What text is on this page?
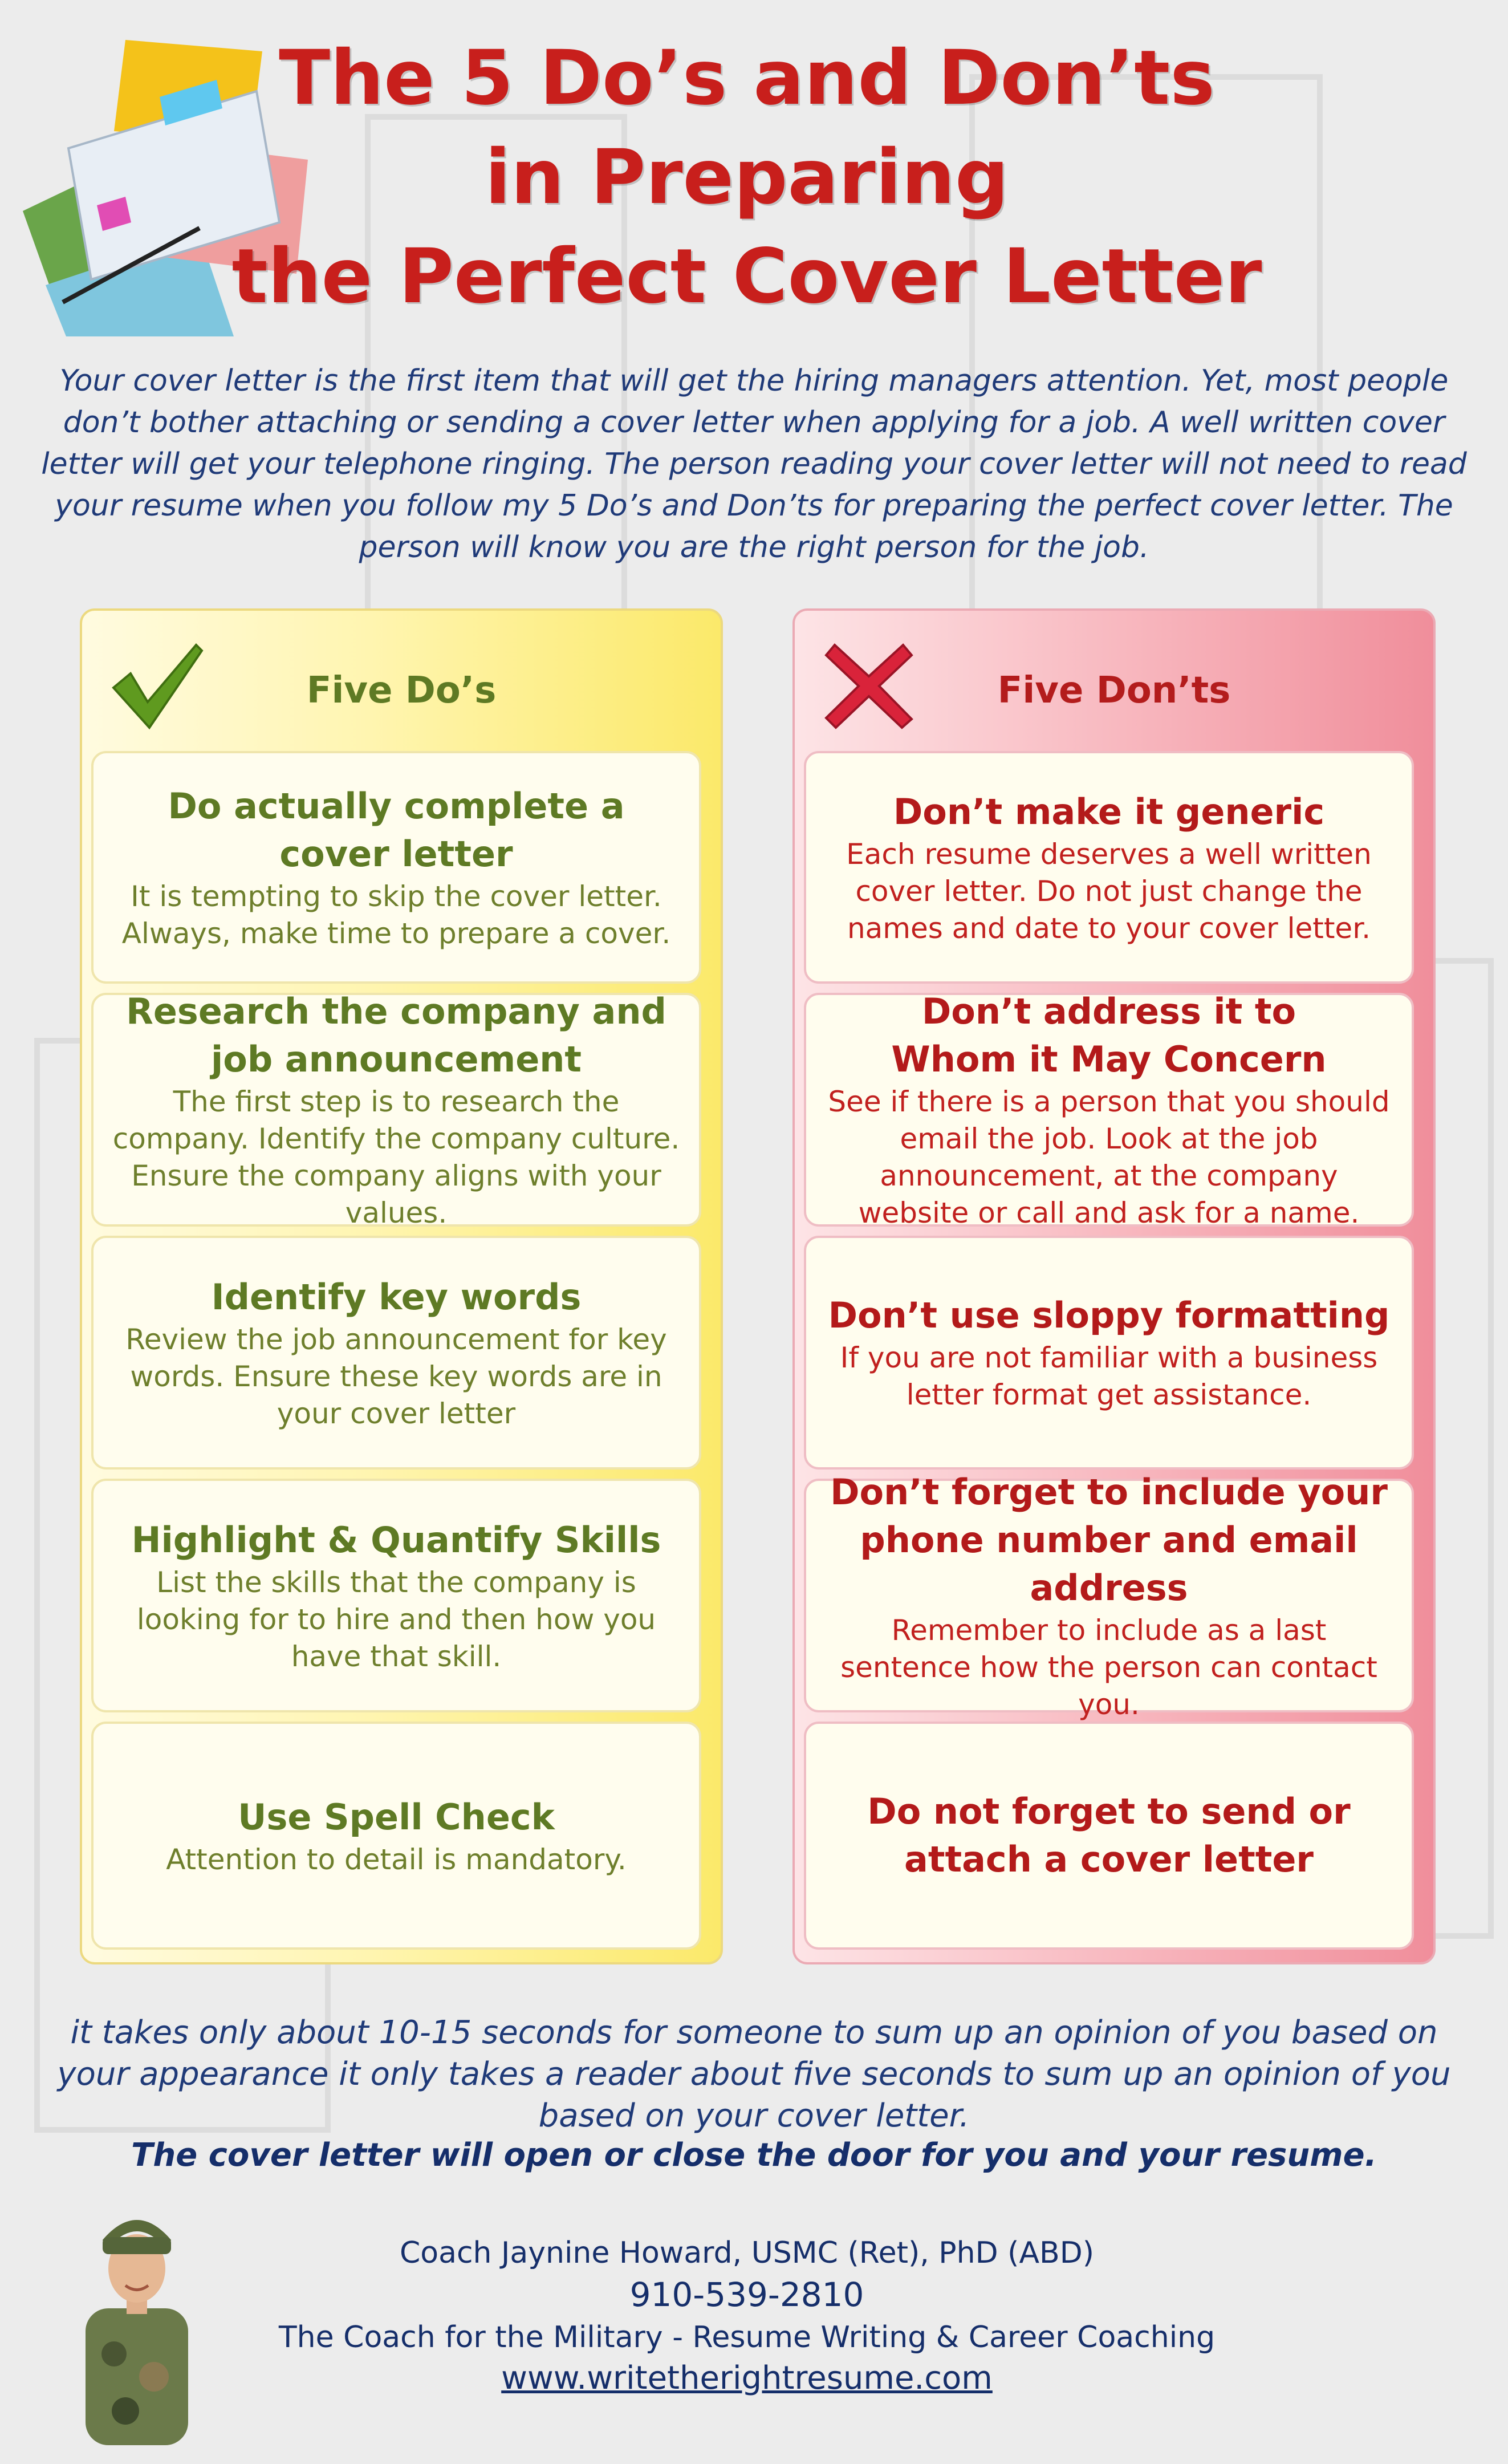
The 5 Do’s and Don’ts
in Preparing
the Perfect Cover Letter
Your cover letter is the first item that will get the hiring managers attention. Yet, most people don’t bother attaching or sending a cover letter when applying for a job. A well written cover letter will get your telephone ringing. The person reading your cover letter will not need to read your resume when you follow my 5 Do’s and Don’ts for preparing the perfect cover letter. The person will know you are the right person for the job.
Five Do’s
Do actually complete a cover letter
It is tempting to skip the cover letter. Always, make time to prepare a cover.
Research the company and job announcement
The first step is to research the company. Identify the company culture. Ensure the company aligns with your values.
Identify key words
Review the job announcement for key words. Ensure these key words are in your cover letter
Highlight & Quantify Skills
List the skills that the company is looking for to hire and then how you have that skill.
Use Spell Check
Attention to detail is mandatory.
Five Don’ts
Don’t make it generic
Each resume deserves a well written cover letter. Do not just change the names and date to your cover letter.
Don’t address it to
Whom it May Concern
See if there is a person that you should email the job. Look at the job announcement, at the company website or call and ask for a name.
Don’t use sloppy formatting
If you are not familiar with a business letter format get assistance.
Don’t forget to include your phone number and email address
Remember to include as a last sentence how the person can contact you.
Do not forget to send or attach a cover letter
it takes only about 10-15 seconds for someone to sum up an opinion of you based on your appearance it only takes a reader about five seconds to sum up an opinion of you based on your cover letter.
The cover letter will open or close the door for you and your resume.
Coach Jaynine Howard, USMC (Ret), PhD (ABD)
910-539-2810
The Coach for the Military - Resume Writing & Career Coaching
www.writetherightresume.com
